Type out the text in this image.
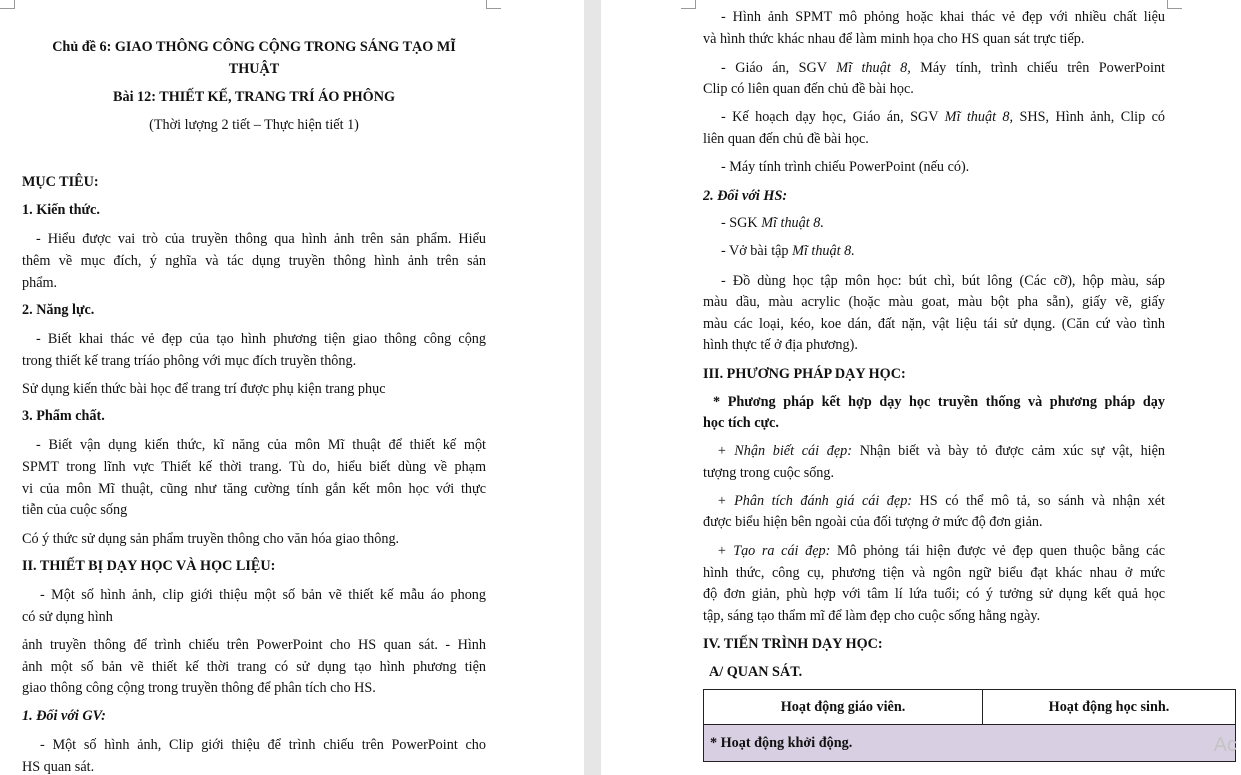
Chủ đề 6: GIAO THÔNG CÔNG CỘNG TRONG SÁNG TẠO MĨ
THUẬT
Bài 12: THIẾT KẾ, TRANG TRÍ ÁO PHÔNG
(Thời lượng 2 tiết – Thực hiện tiết 1)
MỤC TIÊU:
1. Kiến thức.
- Hiểu được vai trò của truyền thông qua hình ảnh trên sản phẩm. Hiểu
thêm về mục đích, ý nghĩa và tác dụng truyền thông hình ảnh trên sản
phẩm.
2. Năng lực.
- Biết khai thác vẻ đẹp của tạo hình phương tiện giao thông công cộng
trong thiết kế trang tríáo phông với mục đích truyền thông.
Sử dụng kiến thức bài học để trang trí được phụ kiện trang phục
3. Phẩm chất.
- Biết vận dụng kiến thức, kĩ năng của môn Mĩ thuật để thiết kế một
SPMT trong lĩnh vực Thiết kế thời trang. Tù do, hiểu biết dùng về phạm
vi của môn Mĩ thuật, cũng như tăng cường tính gắn kết môn học với thực
tiễn của cuộc sống
Có ý thức sử dụng sản phẩm truyền thông cho văn hóa giao thông.
II. THIẾT BỊ DẠY HỌC VÀ HỌC LIỆU:
- Một số hình ảnh, clip giới thiệu một số bản vẽ thiết kế mẫu áo phong
có sử dụng hình
ảnh truyền thông để trình chiếu trên PowerPoint cho HS quan sát. - Hình
ảnh một số bản vẽ thiết kế thời trang có sử dụng tạo hình phương tiện
giao thông công cộng trong truyền thông để phân tích cho HS.
1. Đối với GV:
- Một số hình ảnh, Clip giới thiệu để trình chiếu trên PowerPoint cho
HS quan sát.
- Hình ảnh SPMT mô phỏng hoặc khai thác vẻ đẹp với nhiều chất liệu
và hình thức khác nhau để làm minh họa cho HS quan sát trực tiếp.
- Giáo án, SGV Mĩ thuật 8, Máy tính, trình chiếu trên PowerPoint
Clip có liên quan đến chủ đề bài học.
- Kế hoạch dạy học, Giáo án, SGV Mĩ thuật 8, SHS, Hình ảnh, Clip có
liên quan đến chủ đề bài học.
- Máy tính trình chiếu PowerPoint (nếu có).
2. Đối với HS:
- SGK Mĩ thuật 8.
- Vở bài tập Mĩ thuật 8.
- Đồ dùng học tập môn học: bút chì, bút lông (Các cỡ), hộp màu, sáp
màu dầu, màu acrylic (hoặc màu goat, màu bột pha sẵn), giấy vẽ, giấy
màu các loại, kéo, koe dán, đất nặn, vật liệu tái sử dụng. (Căn cứ vào tình
hình thực tế ở địa phương).
III. PHƯƠNG PHÁP DẠY HỌC:
* Phương pháp kết hợp dạy học truyền thống và phương pháp dạy
học tích cực.
+ Nhận biết cái đẹp: Nhận biết và bày tỏ được cảm xúc sự vật, hiện
tượng trong cuộc sống.
+ Phân tích đánh giá cái đẹp: HS có thể mô tả, so sánh và nhận xét
được biểu hiện bên ngoài của đối tượng ở mức độ đơn giản.
+ Tạo ra cái đẹp: Mô phỏng tái hiện được vẻ đẹp quen thuộc bằng các
hình thức, công cụ, phương tiện và ngôn ngữ biểu đạt khác nhau ở mức
độ đơn giản, phù hợp với tâm lí lứa tuổi; có ý tưởng sử dụng kết quả học
tập, sáng tạo thẩm mĩ để làm đẹp cho cuộc sống hằng ngày.
IV. TIẾN TRÌNH DẠY HỌC:
A/ QUAN SÁT.
Hoạt động giáo viên.	Hoạt động học sinh.
* Hoạt động khởi động.	Ac
